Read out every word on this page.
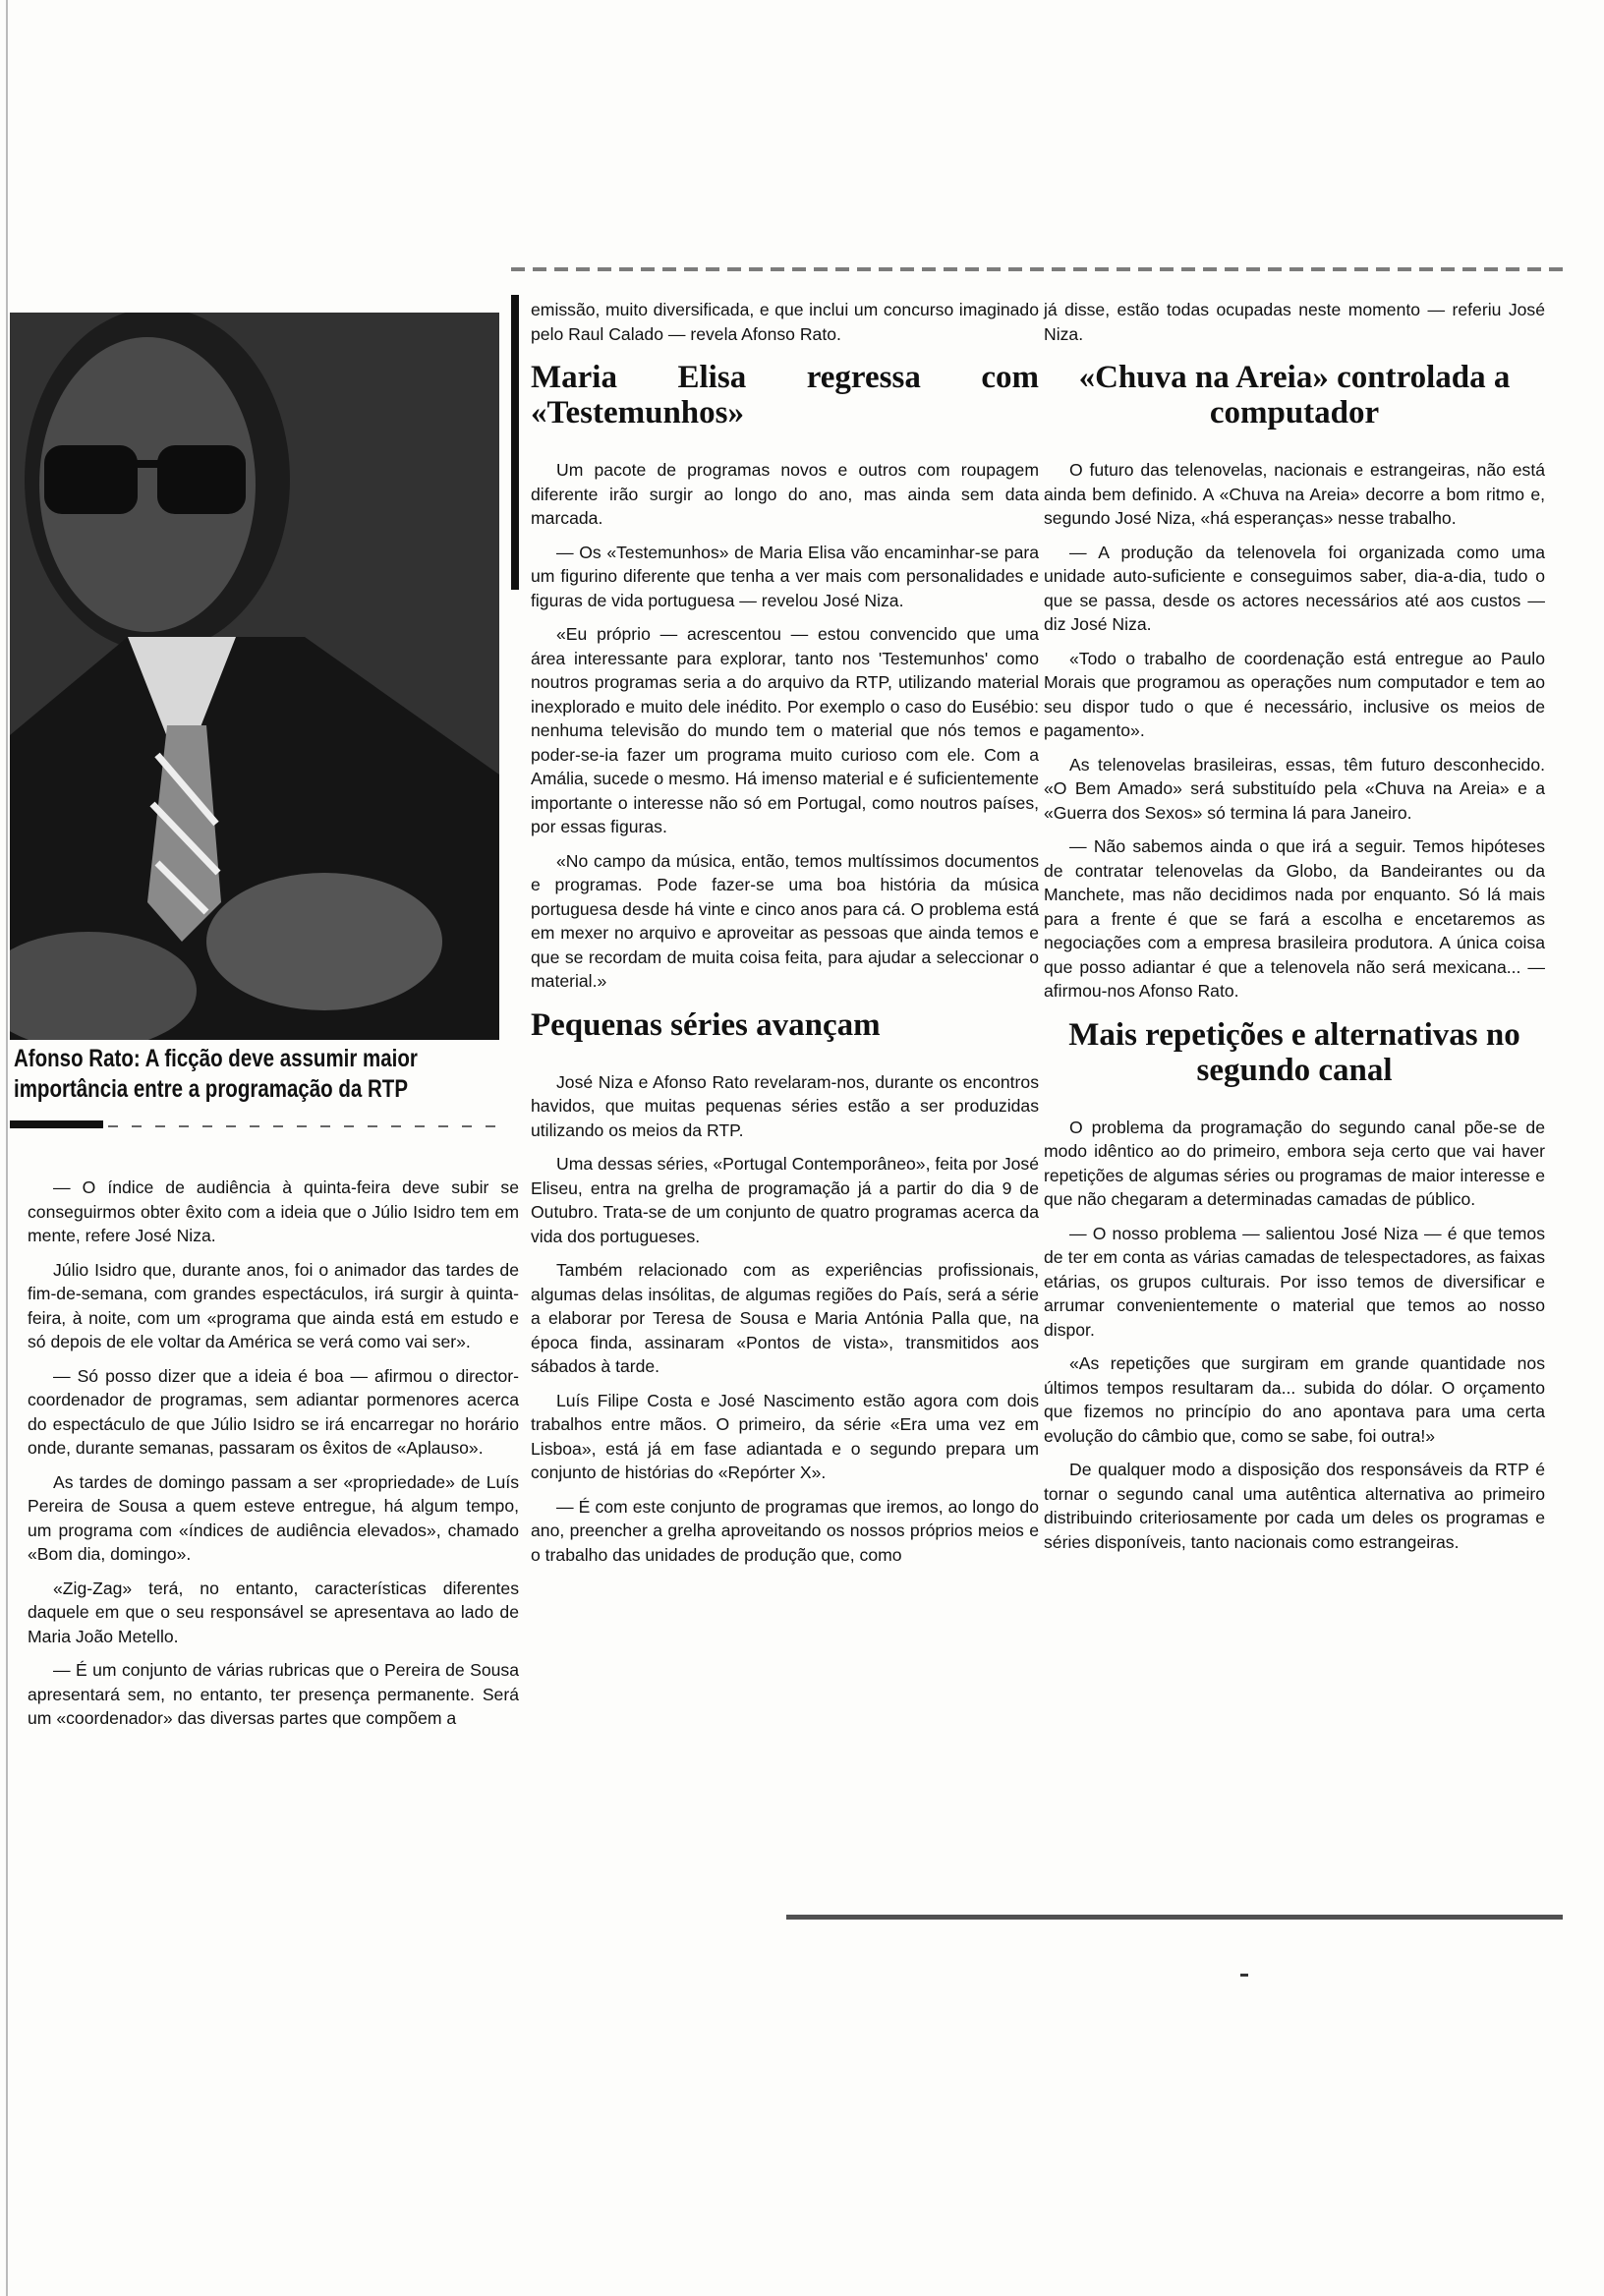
Afonso Rato: A ficção deve assumir maior importância entre a programação da RTP

— O índice de audiência à quinta-feira deve subir se conseguirmos obter êxito com a ideia que o Júlio Isidro tem em mente, refere José Niza.

Júlio Isidro que, durante anos, foi o animador das tardes de fim-de-semana, com grandes espectáculos, irá surgir à quinta-feira, à noite, com um «programa que ainda está em estudo e só depois de ele voltar da América se verá como vai ser».

— Só posso dizer que a ideia é boa — afirmou o director-coordenador de programas, sem adiantar pormenores acerca do espectáculo de que Júlio Isidro se irá encarregar no horário onde, durante semanas, passaram os êxitos de «Aplauso».

As tardes de domingo passam a ser «propriedade» de Luís Pereira de Sousa a quem esteve entregue, há algum tempo, um programa com «índices de audiência elevados», chamado «Bom dia, domingo».

«Zig-Zag» terá, no entanto, características diferentes daquele em que o seu responsável se apresentava ao lado de Maria João Metello.

— É um conjunto de várias rubricas que o Pereira de Sousa apresentará sem, no entanto, ter presença permanente. Será um «coordenador» das diversas partes que compõem a

emissão, muito diversificada, e que inclui um concurso imaginado pelo Raul Calado — revela Afonso Rato.

Maria Elisa regressa com «Testemunhos»

Um pacote de programas novos e outros com roupagem diferente irão surgir ao longo do ano, mas ainda sem data marcada.

— Os «Testemunhos» de Maria Elisa vão encaminhar-se para um figurino diferente que tenha a ver mais com personalidades e figuras de vida portuguesa — revelou José Niza.

«Eu próprio — acrescentou — estou convencido que uma área interessante para explorar, tanto nos 'Testemunhos' como noutros programas seria a do arquivo da RTP, utilizando material inexplorado e muito dele inédito. Por exemplo o caso do Eusébio: nenhuma televisão do mundo tem o material que nós temos e poder-se-ia fazer um programa muito curioso com ele. Com a Amália, sucede o mesmo. Há imenso material e é suficientemente importante o interesse não só em Portugal, como noutros países, por essas figuras.

«No campo da música, então, temos multíssimos documentos e programas. Pode fazer-se uma boa história da música portuguesa desde há vinte e cinco anos para cá. O problema está em mexer no arquivo e aproveitar as pessoas que ainda temos e que se recordam de muita coisa feita, para ajudar a seleccionar o material.»

Pequenas séries avançam

José Niza e Afonso Rato revelaram-nos, durante os encontros havidos, que muitas pequenas séries estão a ser produzidas utilizando os meios da RTP.

Uma dessas séries, «Portugal Contemporâneo», feita por José Eliseu, entra na grelha de programação já a partir do dia 9 de Outubro. Trata-se de um conjunto de quatro programas acerca da vida dos portugueses.

Também relacionado com as experiências profissionais, algumas delas insólitas, de algumas regiões do País, será a série a elaborar por Teresa de Sousa e Maria Antónia Palla que, na época finda, assinaram «Pontos de vista», transmitidos aos sábados à tarde.

Luís Filipe Costa e José Nascimento estão agora com dois trabalhos entre mãos. O primeiro, da série «Era uma vez em Lisboa», está já em fase adiantada e o segundo prepara um conjunto de histórias do «Repórter X».

— É com este conjunto de programas que iremos, ao longo do ano, preencher a grelha aproveitando os nossos próprios meios e o trabalho das unidades de produção que, como

já disse, estão todas ocupadas neste momento — referiu José Niza.

«Chuva na Areia» controlada a computador

O futuro das telenovelas, nacionais e estrangeiras, não está ainda bem definido. A «Chuva na Areia» decorre a bom ritmo e, segundo José Niza, «há esperanças» nesse trabalho.

— A produção da telenovela foi organizada como uma unidade auto-suficiente e conseguimos saber, dia-a-dia, tudo o que se passa, desde os actores necessários até aos custos — diz José Niza.

«Todo o trabalho de coordenação está entregue ao Paulo Morais que programou as operações num computador e tem ao seu dispor tudo o que é necessário, inclusive os meios de pagamento».

As telenovelas brasileiras, essas, têm futuro desconhecido. «O Bem Amado» será substituído pela «Chuva na Areia» e a «Guerra dos Sexos» só termina lá para Janeiro.

— Não sabemos ainda o que irá a seguir. Temos hipóteses de contratar telenovelas da Globo, da Bandeirantes ou da Manchete, mas não decidimos nada por enquanto. Só lá mais para a frente é que se fará a escolha e encetaremos as negociações com a empresa brasileira produtora. A única coisa que posso adiantar é que a telenovela não será mexicana... — afirmou-nos Afonso Rato.

Mais repetições e alternativas no segundo canal

O problema da programação do segundo canal põe-se de modo idêntico ao do primeiro, embora seja certo que vai haver repetições de algumas séries ou programas de maior interesse e que não chegaram a determinadas camadas de público.

— O nosso problema — salientou José Niza — é que temos de ter em conta as várias camadas de telespectadores, as faixas etárias, os grupos culturais. Por isso temos de diversificar e arrumar convenientemente o material que temos ao nosso dispor.

«As repetições que surgiram em grande quantidade nos últimos tempos resultaram da... subida do dólar. O orçamento que fizemos no princípio do ano apontava para uma certa evolução do câmbio que, como se sabe, foi outra!»

De qualquer modo a disposição dos responsáveis da RTP é tornar o segundo canal uma autêntica alternativa ao primeiro distribuindo criteriosamente por cada um deles os programas e séries disponíveis, tanto nacionais como estrangeiras.
